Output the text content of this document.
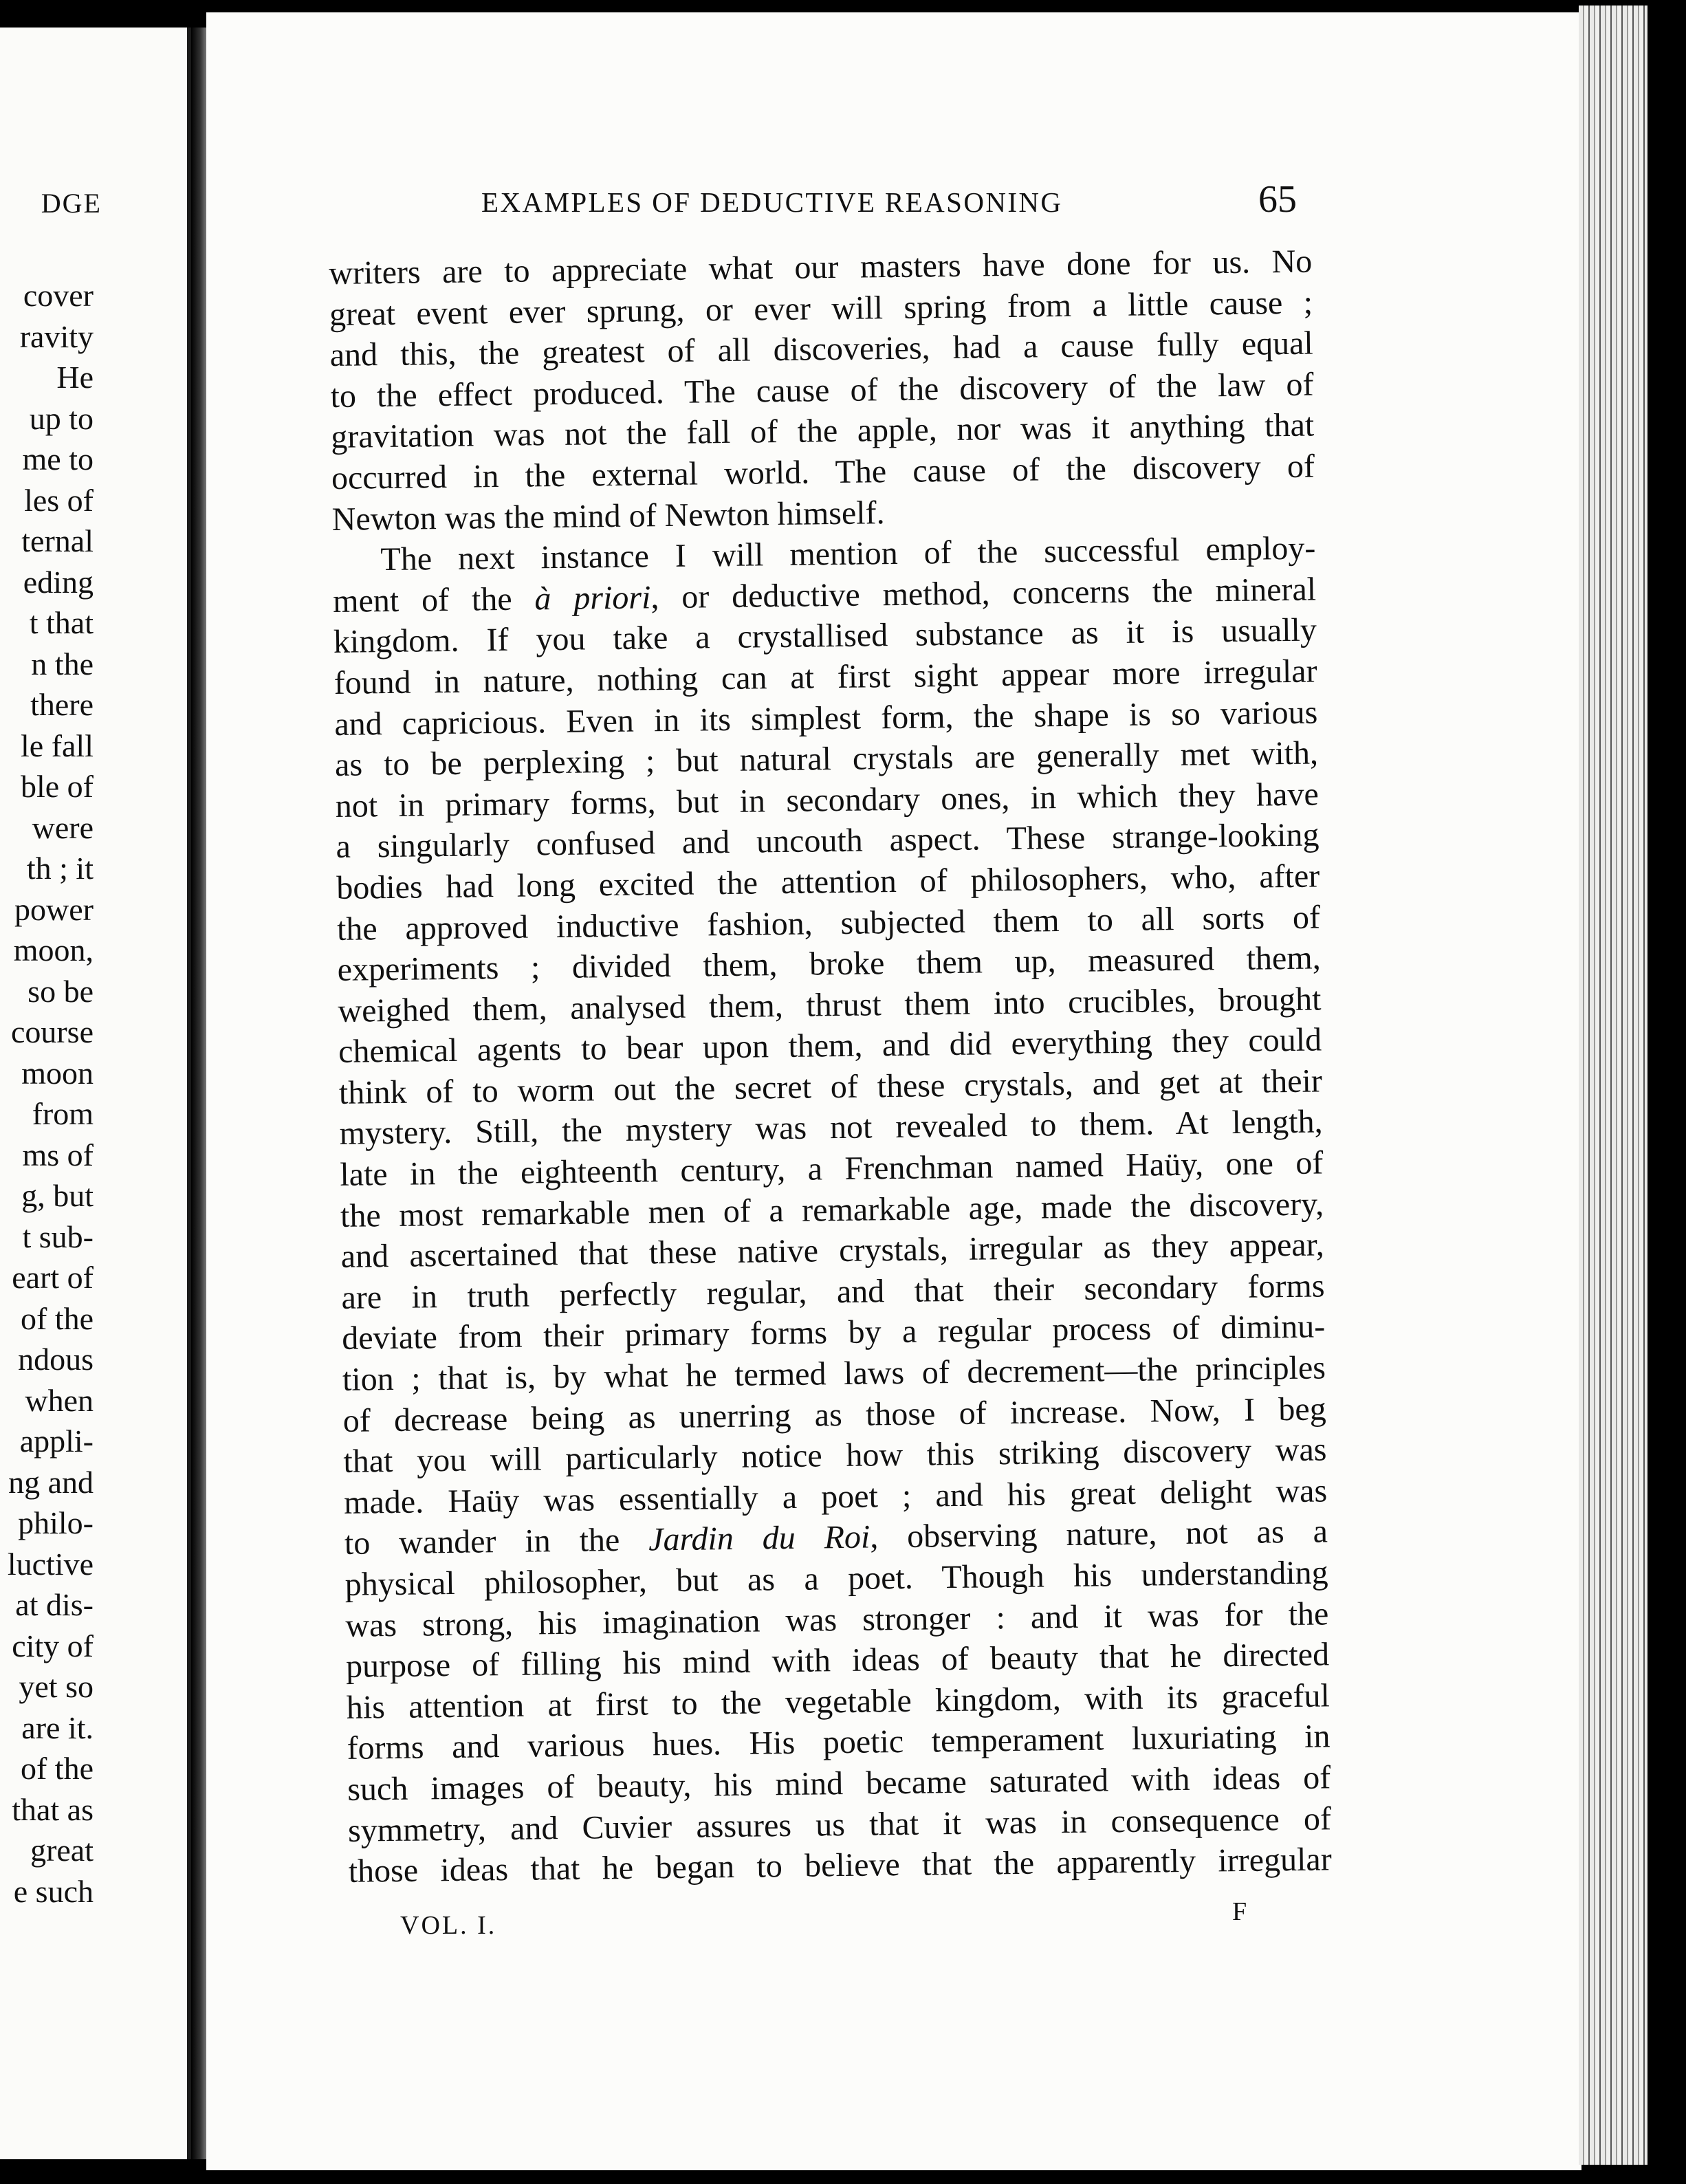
DGE
cover
ravity
He
up to
me to
les of
ternal
eding
t that
n the
there
le fall
ble of
were
th ; it
power
moon,
so be
course
moon
from
ms of
g, but
t sub-
eart of
of the
ndous
when
appli-
ng and
philo-
luctive
at dis-
city of
yet so
are it.
of the
that as
great
e such
EXAMPLES OF DEDUCTIVE REASONING	65
writers are to appreciate what our masters have done for us. No
great event ever sprung, or ever will spring from a little cause ;
and this, the greatest of all discoveries, had a cause fully equal
to the effect produced. The cause of the discovery of the law of
gravitation was not the fall of the apple, nor was it anything that
occurred in the external world. The cause of the discovery of
Newton was the mind of Newton himself.
The next instance I will mention of the successful employ-
ment of the à priori, or deductive method, concerns the mineral
kingdom. If you take a crystallised substance as it is usually
found in nature, nothing can at first sight appear more irregular
and capricious. Even in its simplest form, the shape is so various
as to be perplexing ; but natural crystals are generally met with,
not in primary forms, but in secondary ones, in which they have
a singularly confused and uncouth aspect. These strange-looking
bodies had long excited the attention of philosophers, who, after
the approved inductive fashion, subjected them to all sorts of
experiments ; divided them, broke them up, measured them,
weighed them, analysed them, thrust them into crucibles, brought
chemical agents to bear upon them, and did everything they could
think of to worm out the secret of these crystals, and get at their
mystery. Still, the mystery was not revealed to them. At length,
late in the eighteenth century, a Frenchman named Haüy, one of
the most remarkable men of a remarkable age, made the discovery,
and ascertained that these native crystals, irregular as they appear,
are in truth perfectly regular, and that their secondary forms
deviate from their primary forms by a regular process of diminu-
tion ; that is, by what he termed laws of decrement—the principles
of decrease being as unerring as those of increase. Now, I beg
that you will particularly notice how this striking discovery was
made. Haüy was essentially a poet ; and his great delight was
to wander in the Jardin du Roi, observing nature, not as a
physical philosopher, but as a poet. Though his understanding
was strong, his imagination was stronger : and it was for the
purpose of filling his mind with ideas of beauty that he directed
his attention at first to the vegetable kingdom, with its graceful
forms and various hues. His poetic temperament luxuriating in
such images of beauty, his mind became saturated with ideas of
symmetry, and Cuvier assures us that it was in consequence of
those ideas that he began to believe that the apparently irregular
VOL. I.	F
